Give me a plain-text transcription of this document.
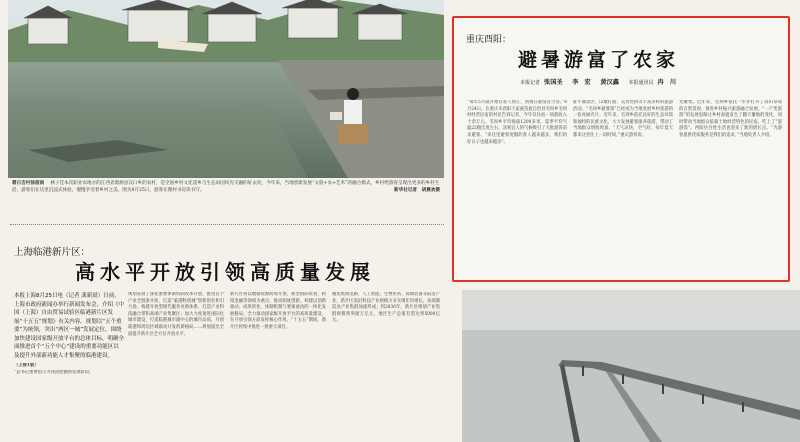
碧日吉村徐茵雨　 林子佳本次职业农地方的江西省婺源县汉口乡的农村，是全国乡村文化遥乡与生态田园风光交融的好去处，今年来，当地创新发展“文旅+农+艺术”的融合模式，乡村给游客呈现出更多的乡村生活，游客们在这里沉浸式体验，慢慢享受着乡村之美。图为8月25日，游客在理村书房读书写。	新华社记者　胡晨欢摄
上海临港新片区：
高水平开放引领高质量发展
本报上海8月25日电（记者 龚新晨）日前，上海市政府新闻办举行新闻发布会，介绍《中国（上海）自由贸易试验区临港新片区发展“十五五”规划》有关内容。规划以“五个重要”为统领，突出“两区一城”发展定位，围绕加快建设国家级开放平台的总体目标，明确全面推进首个“五个中心”建设的重要功能区以及提升外部新功能人才集聚的临港建设。
（上接1版）
“总书记重要指示为我国把握新发展阶段。
规划安排了深化重要体制机制改革开放，推进首个产业全链条开放、打造“临港科创城”创新创业和引力场，构建开放型现代服务业新体系，打造产业科技融合带和高端产业集聚区；加大力度推进国际化城市建设、打造临港城市副中心的城市品质，开创临港和周边区域联动开发的新格局……规划提出全面提升新片区全方位开放水平。
新片区将以数据资源跨境开放、新型国际贸易、跨境金融等领域为重点，推动制度创新，构建以创新驱动、成果转化、体制机制与要素流动的一体化发展格局，全力推动国家级开放平台的高质量建设，在开放引领方面发挥核心作用。“十五五”期间，新片区将集中推进一批重大项目。
聚焦集成电路、人工智能、生物医药、高端装备等前沿产业，新片区前沿科技产业规模力争实现年均增长，高端制造业产业集群加速形成；到2030年，新片区规划产业集群规模将突破万亿元，地区生产总值有望达到5000亿元。
重庆酉阳：
避暑游富了农家
本报记者 张国圣 李　宏 黄汉鑫 本报通讯员 冉　川
“每年5月就开始有客人预订，到现在都没有空房。”8月24日，在重庆市酉阳土家族苗族自治县毛坝乡毛坝村经营民宿的村民告诉记者，今年仅住宿一项就收入十余万元。毛坝乡平均海拔1200多米，夏季平均气温22摄氏度左右，凉爽宜人的气候吸引了大批游客前来避暑。“来这里避暑度假的客人越来越多，我们的好日子也越来越多”。
卧牛湖景区、山歌打擂、美食比拼等丰富多样的旅游活动，“毛坝乡避暑游”已经成为当地发展乡村旅游的一张亮丽名片。近年来，毛坝乡依托良好的生态环境和独特的民族文化，大力发展避暑康养旅游，带动了当地群众增收致富。“天气凉快，空气好，每年夏天都来这里住上一段时间，”重庆游客说。
光聚集。近年来，毛坝乡依托一步步打开了高山草甸的自然景观，推进乡村振兴旅游融合发展。“一产变旅游”的发展思路让乡村面貌发生了翻天覆地的变化，同时带动当地群众依靠土地经营特色的民宿，吃上了“旅游饭”。西阳县百姓生活也迎来了新的增长点。“为游客提供优质服务是我们的追求，”当地负责人介绍。
